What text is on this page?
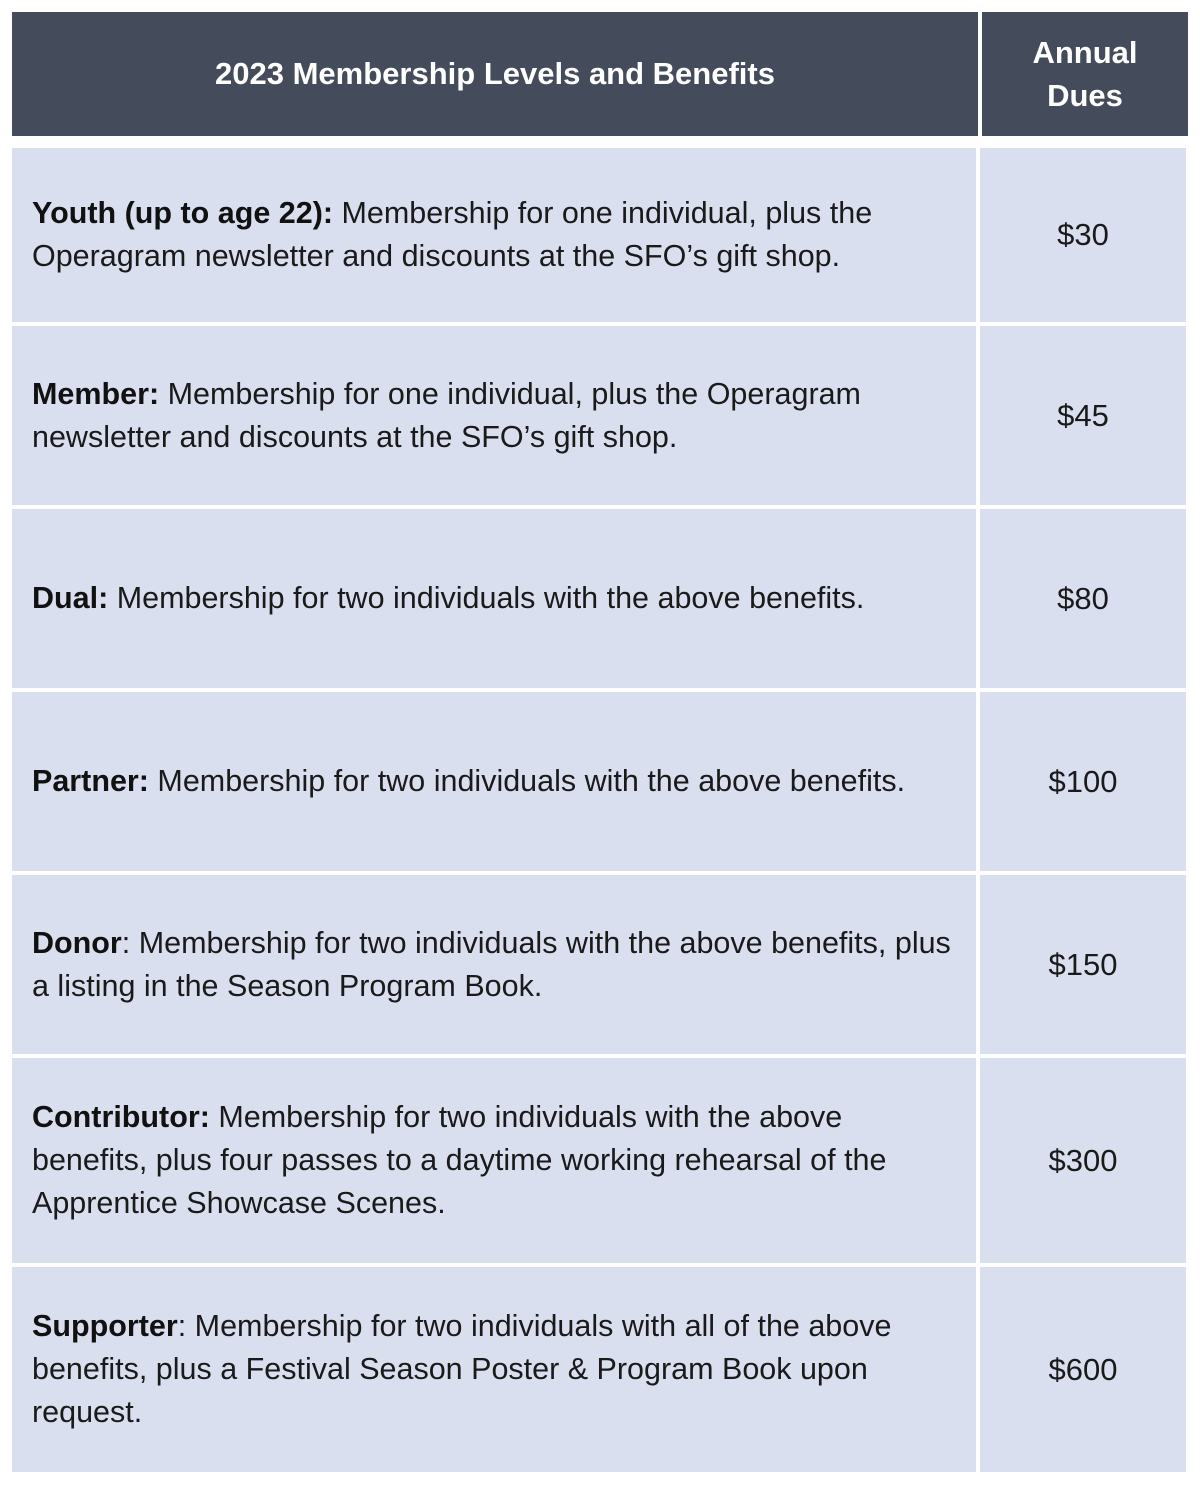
2023 Membership Levels and Benefits
Annual
Dues
Youth (up to age 22): Membership for one individual, plus the Operagram newsletter and discounts at the SFO’s gift shop.
$30
Member: Membership for one individual, plus the Operagram newsletter and discounts at the SFO’s gift shop.
$45
Dual: Membership for two individuals with the above benefits.	$80
Partner: Membership for two individuals with the above benefits.	$100
Donor: Membership for two individuals with the above benefits, plus a listing in the Season Program Book.
$150
Contributor: Membership for two individuals with the above benefits, plus four passes to a daytime working rehearsal of the Apprentice Showcase Scenes.
$300
Supporter: Membership for two individuals with all of the above benefits, plus a Festival Season Poster & Program Book upon request.
$600
